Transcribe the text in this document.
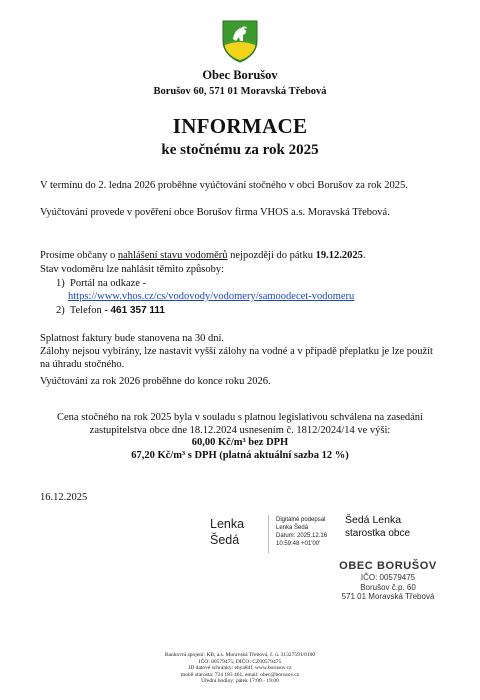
Obec Borušov
Borušov 60, 571 01 Moravská Třebová
INFORMACE
ke stočnému za rok 2025
V termínu do 2. ledna 2026 proběhne vyúčtování stočného v obci Borušov za rok 2025.
Vyúčtování provede v pověření obce Borušov firma VHOS a.s. Moravská Třebová.
Prosíme občany o nahlášení stavu vodoměrů nejpozději do pátku 19.12.2025.
Stav vodoměru lze nahlásit těmito způsoby:
1) Portál na odkaze -
https://www.vhos.cz/cs/vodovody/vodomery/samoodecet-vodomeru
2) Telefon - 461 357 111
Splatnost faktury bude stanovena na 30 dní.
Zálohy nejsou vybírány, lze nastavit vyšší zálohy na vodné a v případě přeplatku je lze použít na úhradu stočného.
Vyúčtování za rok 2026 proběhne do konce roku 2026.
Cena stočného na rok 2025 byla v souladu s platnou legislativou schválena na zasedání zastupitelstva obce dne 18.12.2024 usnesením č. 1812/2024/14 ve výši:
60,00 Kč/m³ bez DPH
67,20 Kč/m³ s DPH (platná aktuální sazba 12 %)
16.12.2025
Lenka
Šedá
Digitálně podepsal
Lenka Šedá
Datum: 2025.12.16
10:59:48 +01'00'
Šedá Lenka
starostka obce
OBEC BORUŠOV
IČO: 00579475
Borušov č.p. 60
571 01 Moravská Třebová
Bankovní spojení: KB, a.s. Moravská Třebová, č. ú. 31327591/0100
IČO: 00579475, DIČO: CZ00579475
ID datové schránky: ehya84f, www.borusov.cz
mobil starosta: 724 183 461, email: obec@borusov.cz
Úřední hodiny: pátek 17:00 - 19:00
